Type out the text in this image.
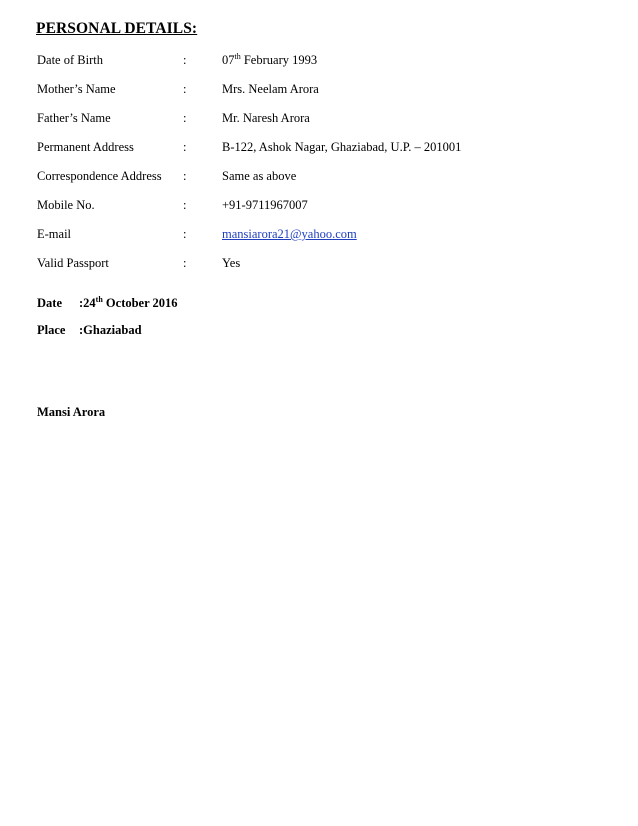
PERSONAL DETAILS:
Date of Birth	:	07th February 1993
Mother’s Name	:	Mrs. Neelam Arora
Father’s Name	:	Mr. Naresh Arora
Permanent Address	:	B-122, Ashok Nagar, Ghaziabad, U.P. – 201001
Correspondence Address :	Same as above
Mobile No.	:	+91-9711967007
E-mail	:	mansiarora21@yahoo.com
Valid Passport	:	Yes
Date :24th October 2016
Place :Ghaziabad
Mansi Arora
